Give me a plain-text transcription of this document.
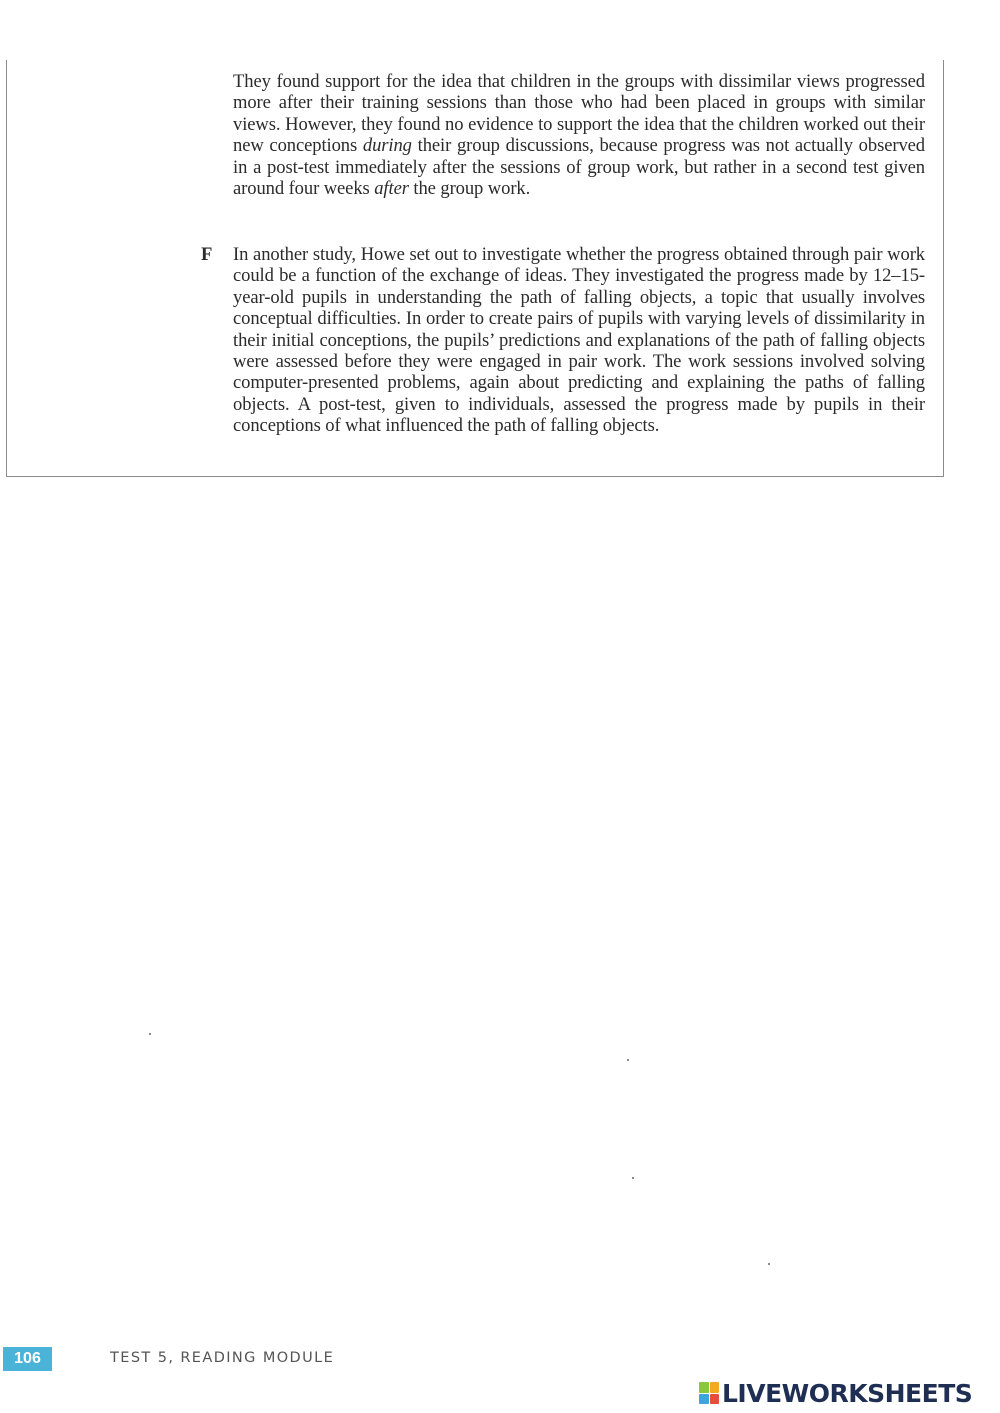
They found support for the idea that children in the groups with dissimilar views progressed more after their training sessions than those who had been placed in groups with similar views. However, they found no evidence to support the idea that the children worked out their new conceptions during their group discussions, because progress was not actually observed in a post-test immediately after the sessions of group work, but rather in a second test given around four weeks after the group work.

F In another study, Howe set out to investigate whether the progress obtained through pair work could be a function of the exchange of ideas. They investigated the progress made by 12–15-year-old pupils in understanding the path of falling objects, a topic that usually involves conceptual difficulties. In order to create pairs of pupils with varying levels of dissimilarity in their initial conceptions, the pupils’ predictions and explanations of the path of falling objects were assessed before they were engaged in pair work. The work sessions involved solving computer-presented problems, again about predicting and explaining the paths of falling objects. A post-test, given to individuals, assessed the progress made by pupils in their conceptions of what influenced the path of falling objects.

106	TEST 5, READING MODULE
LIVEWORKSHEETS
